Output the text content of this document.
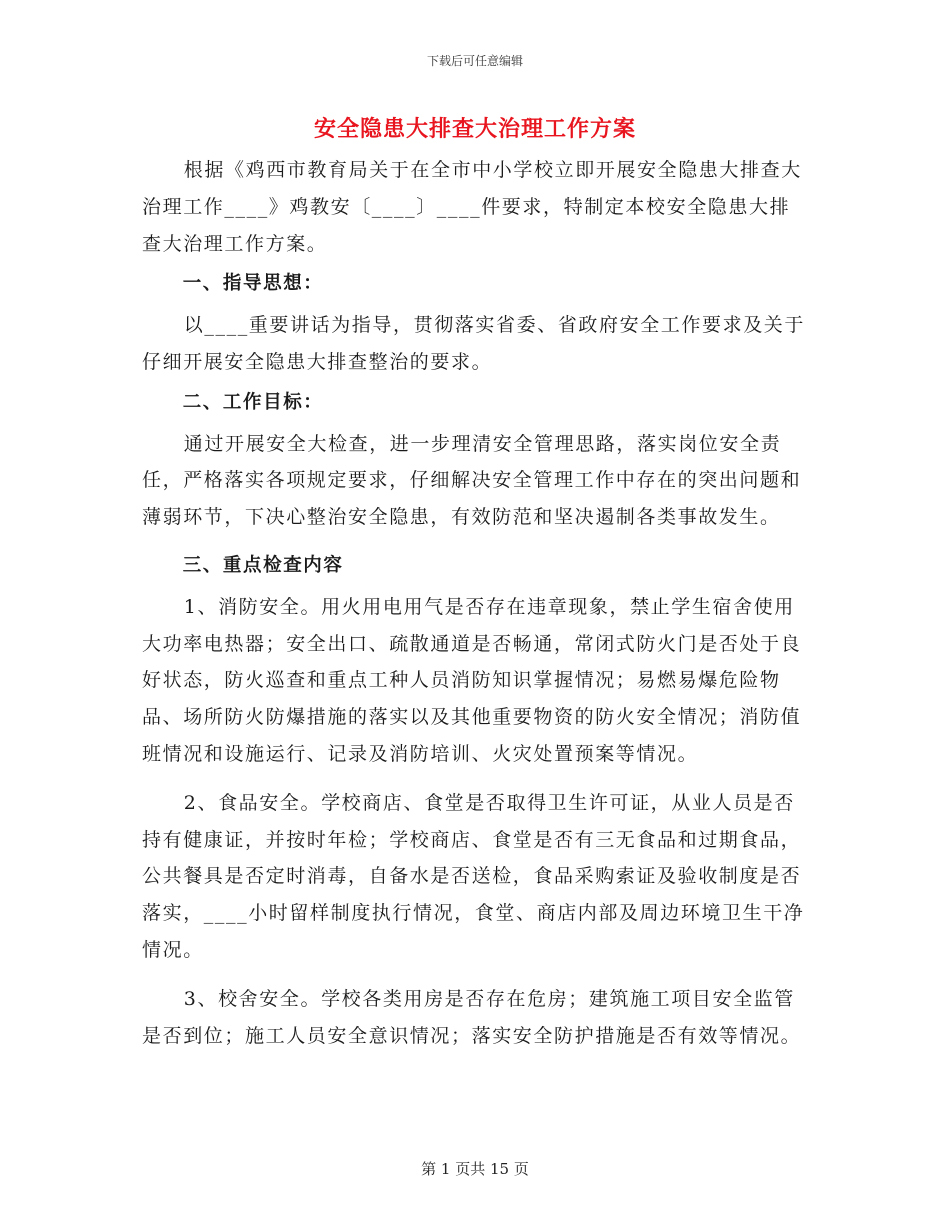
下载后可任意编辑
安全隐患大排查大治理工作方案

根据《鸡西市教育局关于在全市中小学校立即开展安全隐患大排查大治理工作____》鸡教安〔____〕____件要求，特制定本校安全隐患大排查大治理工作方案。

一、指导思想：

以____重要讲话为指导，贯彻落实省委、省政府安全工作要求及关于仔细开展安全隐患大排查整治的要求。

二、工作目标：

通过开展安全大检查，进一步理清安全管理思路，落实岗位安全责任，严格落实各项规定要求，仔细解决安全管理工作中存在的突出问题和薄弱环节，下决心整治安全隐患，有效防范和坚决遏制各类事故发生。

三、重点检查内容

1、消防安全。用火用电用气是否存在违章现象，禁止学生宿舍使用大功率电热器；安全出口、疏散通道是否畅通，常闭式防火门是否处于良好状态，防火巡查和重点工种人员消防知识掌握情况；易燃易爆危险物品、场所防火防爆措施的落实以及其他重要物资的防火安全情况；消防值班情况和设施运行、记录及消防培训、火灾处置预案等情况。

2、食品安全。学校商店、食堂是否取得卫生许可证，从业人员是否持有健康证，并按时年检；学校商店、食堂是否有三无食品和过期食品，公共餐具是否定时消毒，自备水是否送检，食品采购索证及验收制度是否落实，____小时留样制度执行情况，食堂、商店内部及周边环境卫生干净情况。

3、校舍安全。学校各类用房是否存在危房；建筑施工项目安全监管是否到位；施工人员安全意识情况；落实安全防护措施是否有效等情况。

第 1 页共 15 页
